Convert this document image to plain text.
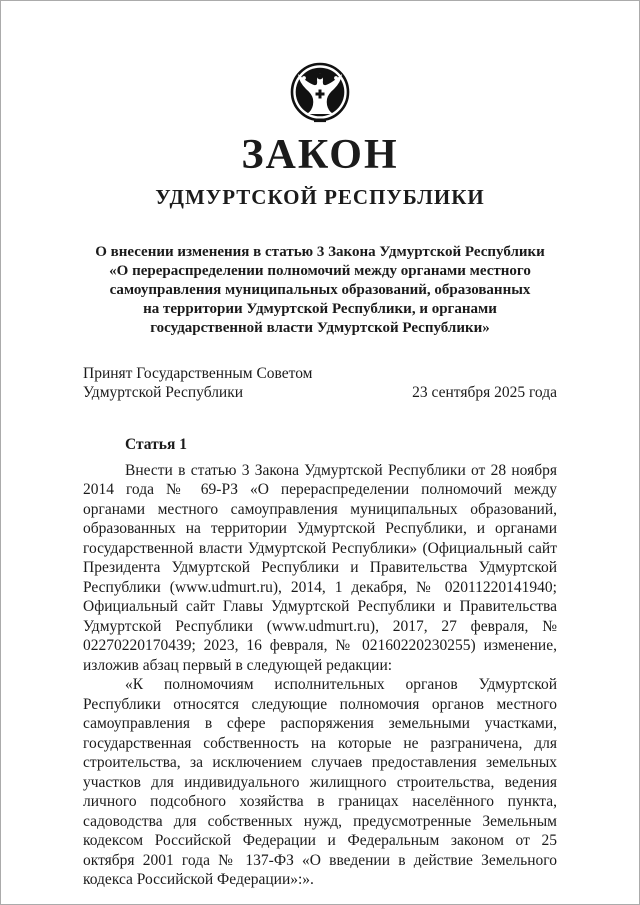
ЗАКОН
УДМУРТСКОЙ РЕСПУБЛИКИ
О внесении изменения в статью 3 Закона Удмуртской Республики
«О перераспределении полномочий между органами местного
самоуправления муниципальных образований, образованных
на территории Удмуртской Республики, и органами
государственной власти Удмуртской Республики»
Принят Государственным Советом
Удмуртской Республики	23 сентября 2025 года
Статья 1

Внести в статью 3 Закона Удмуртской Республики от 28 ноября 2014 года № 69-РЗ «О перераспределении полномочий между органами местного самоуправления муниципальных образований, образованных на территории Удмуртской Республики, и органами государственной власти Удмуртской Республики» (Официальный сайт Президента Удмуртской Республики и Правительства Удмуртской Республики (www.udmurt.ru), 2014, 1 декабря, № 02011220141940; Официальный сайт Главы Удмуртской Республики и Правительства Удмуртской Республики (www.udmurt.ru), 2017, 27 февраля, № 02270220170439; 2023, 16 февраля, № 02160220230255) изменение, изложив абзац первый в следующей редакции:

«К полномочиям исполнительных органов Удмуртской Республики относятся следующие полномочия органов местного самоуправления в сфере распоряжения земельными участками, государственная собственность на которые не разграничена, для строительства, за исключением случаев предоставления земельных участков для индивидуального жилищного строительства, ведения личного подсобного хозяйства в границах населённого пункта, садоводства для собственных нужд, предусмотренные Земельным кодексом Российской Федерации и Федеральным законом от 25 октября 2001 года № 137-ФЗ «О введении в действие Земельного кодекса Российской Федерации»:».
